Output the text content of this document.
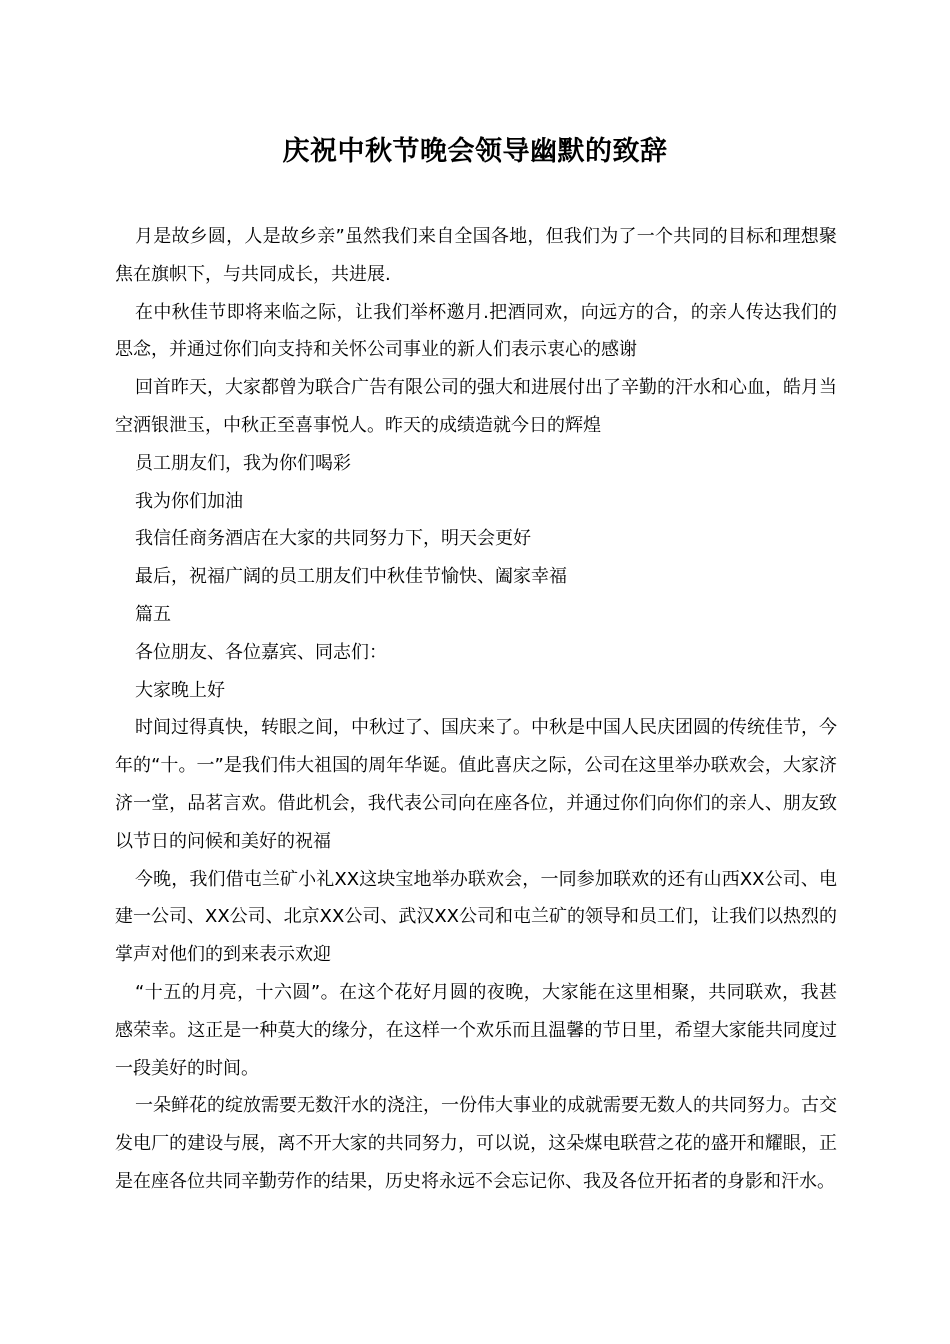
庆祝中秋节晚会领导幽默的致辞

月是故乡圆，人是故乡亲”虽然我们来自全国各地，但我们为了一个共同的目标和理想聚焦在旗帜下，与共同成长，共进展.

在中秋佳节即将来临之际，让我们举杯邀月.把酒同欢，向远方的合，的亲人传达我们的思念，并通过你们向支持和关怀公司事业的新人们表示衷心的感谢

回首昨天，大家都曾为联合广告有限公司的强大和进展付出了辛勤的汗水和心血，皓月当空洒银泄玉，中秋正至喜事悦人。昨天的成绩造就今日的辉煌

员工朋友们，我为你们喝彩

我为你们加油

我信任商务酒店在大家的共同努力下，明天会更好

最后，祝福广阔的员工朋友们中秋佳节愉快、阖家幸福

篇五

各位朋友、各位嘉宾、同志们：

大家晚上好

时间过得真快，转眼之间，中秋过了、国庆来了。中秋是中国人民庆团圆的传统佳节，今年的“十。一”是我们伟大祖国的周年华诞。值此喜庆之际，公司在这里举办联欢会，大家济济一堂，品茗言欢。借此机会，我代表公司向在座各位，并通过你们向你们的亲人、朋友致以节日的问候和美好的祝福

今晚，我们借屯兰矿小礼XX这块宝地举办联欢会，一同参加联欢的还有山西XX公司、电建一公司、XX公司、北京XX公司、武汉XX公司和屯兰矿的领导和员工们，让我们以热烈的掌声对他们的到来表示欢迎

“十五的月亮，十六圆”。在这个花好月圆的夜晚，大家能在这里相聚，共同联欢，我甚感荣幸。这正是一种莫大的缘分，在这样一个欢乐而且温馨的节日里，希望大家能共同度过一段美好的时间。

一朵鲜花的绽放需要无数汗水的浇注，一份伟大事业的成就需要无数人的共同努力。古交发电厂的建设与展，离不开大家的共同努力，可以说，这朵煤电联营之花的盛开和耀眼，正是在座各位共同辛勤劳作的结果，历史将永远不会忘记你、我及各位开拓者的身影和汗水。
